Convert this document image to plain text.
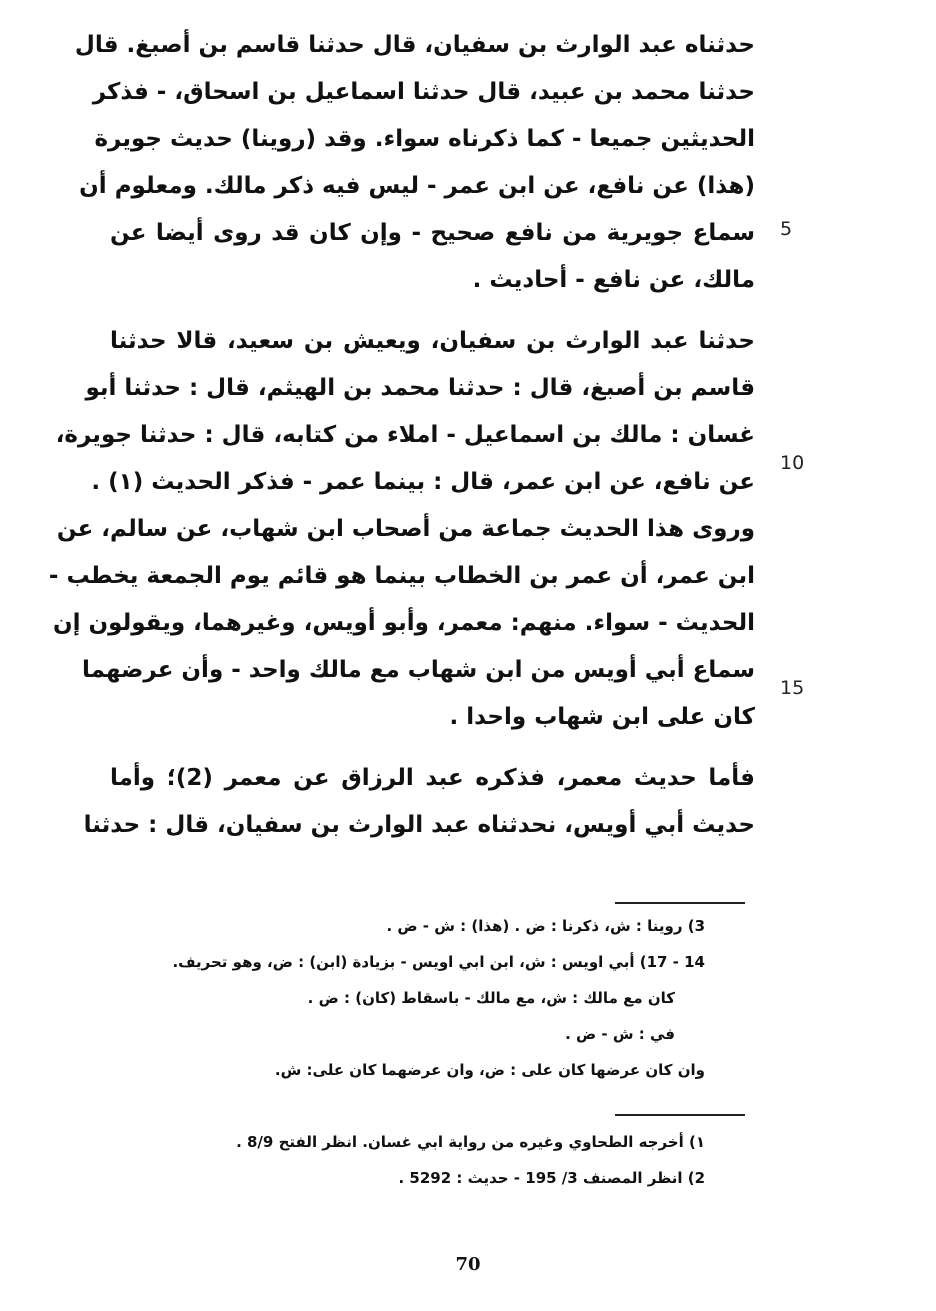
حدثناه عبد الوارث بن سفيان، قال حدثنا قاسم بن أصبغ. قال
حدثنا محمد بن عبيد، قال حدثنا اسماعيل بن اسحاق، - فذكر
الحديثين جميعا - كما ذكرناه سواء. وقد (روينا) حديث جويرة
(هذا) عن نافع، عن ابن عمر - ليس فيه ذكر مالك. ومعلوم أن
سماع جويرية من نافع صحيح - وإن كان قد روى أيضا عن
مالك، عن نافع - أحاديث .
حدثنا عبد الوارث بن سفيان، ويعيش بن سعيد، قالا حدثنا
قاسم بن أصبغ، قال : حدثنا محمد بن الهيثم، قال : حدثنا أبو
غسان : مالك بن اسماعيل - املاء من كتابه، قال : حدثنا جويرة،
عن نافع، عن ابن عمر، قال : بينما عمر - فذكر الحديث (١) .
وروى هذا الحديث جماعة من أصحاب ابن شهاب، عن سالم، عن
ابن عمر، أن عمر بن الخطاب بينما هو قائم يوم الجمعة يخطب -
الحديث - سواء. منهم: معمر، وأبو أويس، وغيرهما، ويقولون إن
سماع أبي أويس من ابن شهاب مع مالك واحد - وأن عرضهما
كان على ابن شهاب واحدا .
فأما حديث معمر، فذكره عبد الرزاق عن معمر (2)؛ وأما
حديث أبي أويس، نحدثناه عبد الوارث بن سفيان، قال : حدثنا
5
10
15
3) روينا : ش، ذكرنا : ض . (هذا) : ش - ض .
14 - 17) أبي اويس : ش، ابن ابي اويس - بزيادة (ابن) : ض، وهو تحريف.
كان مع مالك : ش، مع مالك - باسقاط (كان) : ض .
في : ش - ض .
وان كان عرضها كان على : ض، وان عرضهما كان على: ش.
١) أخرجه الطحاوي وغيره من رواية ابي غسان. انظر الفتح 8/9 .
2) انظر المصنف 3/ 195 - حديث : 5292 .
70
